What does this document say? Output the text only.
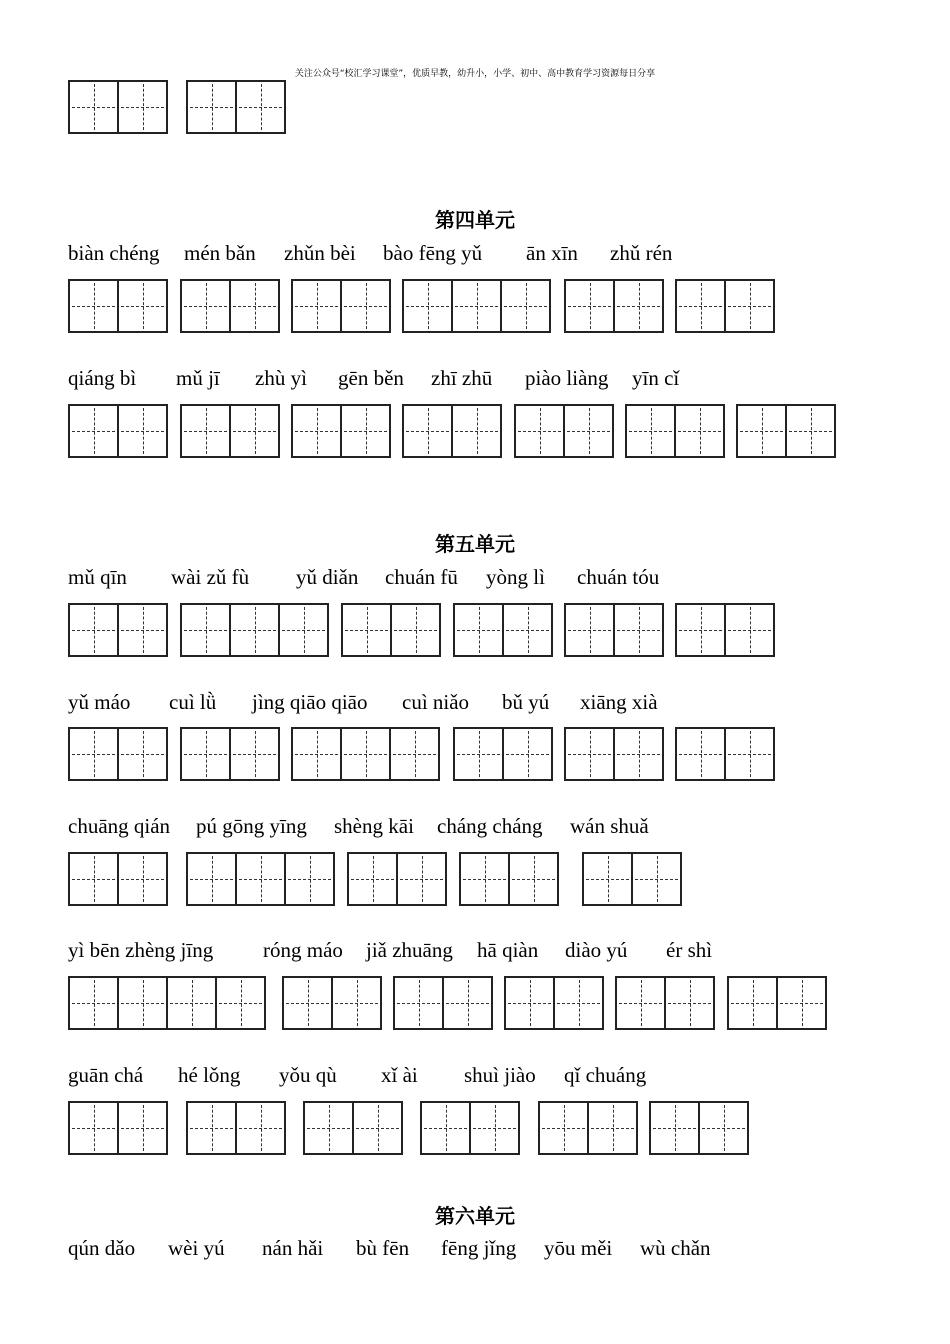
关注公众号“校汇学习课堂”，优质早教，幼升小，小学、初中、高中教育学习资源每日分享
第四单元
biàn chéng mén bǎn zhǔn bèi bào fēng yǔ ān xīn zhǔ rén
qiáng bì mǔ jī zhù yì gēn běn zhī zhū piào liàng yīn cǐ
第五单元
mǔ qīn wài zǔ fù yǔ diǎn chuán fū yòng lì chuán tóu
yǔ máo cuì lǜ jìng qiāo qiāo cuì niǎo bǔ yú xiāng xià
chuāng qián pú gōng yīng shèng kāi cháng cháng wán shuǎ
yì bēn zhèng jīng róng máo jiǎ zhuāng hā qiàn diào yú ér shì
guān chá hé lǒng yǒu qù xǐ ài shuì jiào qǐ chuáng
第六单元
qún dǎo wèi yú nán hǎi bù fēn fēng jǐng yōu měi wù chǎn
